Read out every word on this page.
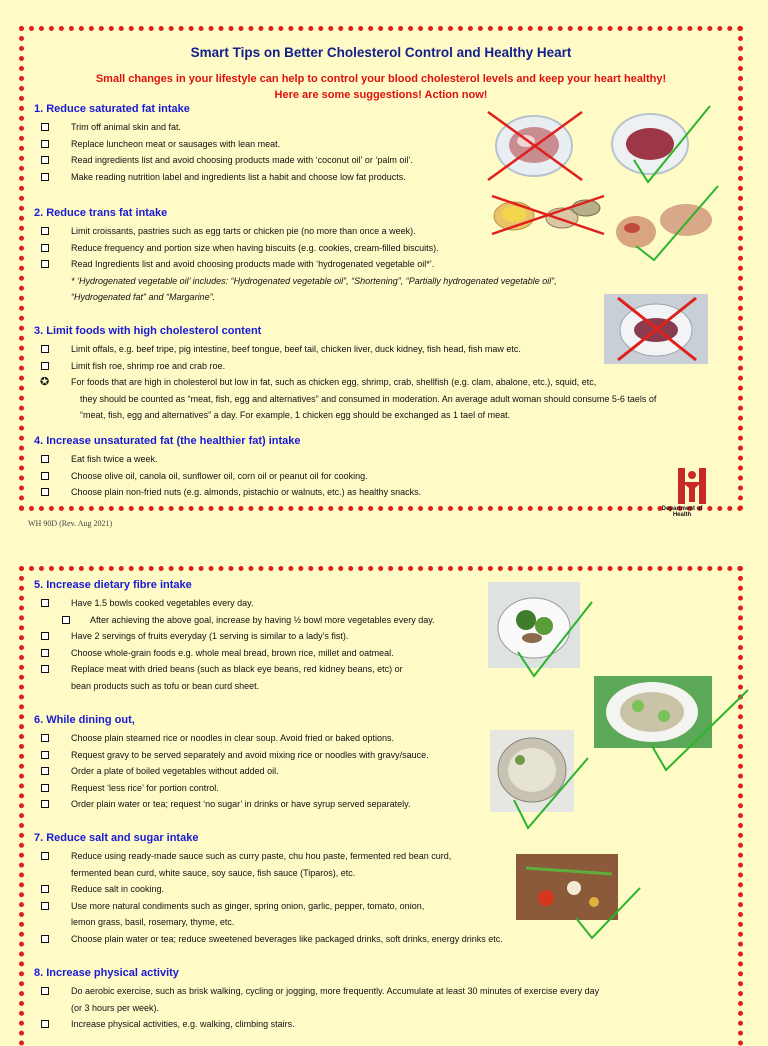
Smart Tips on Better Cholesterol Control and Healthy Heart
Small changes in your lifestyle can help to control your blood cholesterol levels and keep your heart healthy!
Here are some suggestions! Action now!
1. Reduce saturated fat intake
Trim off animal skin and fat.
Replace luncheon meat or sausages with lean meat.
Read ingredients list and avoid choosing products made with ‘coconut oil’ or ‘palm oil’.
Make reading nutrition label and ingredients list a habit and choose low fat products.
2. Reduce trans fat intake
Limit croissants, pastries such as egg tarts or chicken pie (no more than once a week).
Reduce frequency and portion size when having biscuits (e.g. cookies, cream-filled biscuits).
Read Ingredients list and avoid choosing products made with ‘hydrogenated vegetable oil*’.
* ‘Hydrogenated vegetable oil’ includes: “Hydrogenated vegetable oil”, “Shortening”, “Partially hydrogenated vegetable oil”,
“Hydrogenated fat” and “Margarine”.
3. Limit foods with high cholesterol content
Limit offals, e.g. beef tripe, pig intestine, beef tongue, beef tail, chicken liver, duck kidney, fish head, fish maw etc.
Limit fish roe, shrimp roe and crab roe.
✪ For foods that are high in cholesterol but low in fat, such as chicken egg, shrimp, crab, shellfish (e.g. clam, abalone, etc.), squid, etc,
they should be counted as “meat, fish, egg and alternatives” and consumed in moderation. An average adult woman should consume 5-6 taels of
“meat, fish, egg and alternatives” a day. For example, 1 chicken egg should be exchanged as 1 tael of meat.
4. Increase unsaturated fat (the healthier fat) intake
Eat fish twice a week.
Choose olive oil, canola oil, sunflower oil, corn oil or peanut oil for cooking.
Choose plain non-fried nuts (e.g. almonds, pistachio or walnuts, etc.) as healthy snacks.
Department of Health
WH 90D (Rev. Aug 2021)
5. Increase dietary fibre intake
Have 1.5 bowls cooked vegetables every day.
After achieving the above goal, increase by having ½ bowl more vegetables every day.
Have 2 servings of fruits everyday (1 serving is similar to a lady’s fist).
Choose whole-grain foods e.g. whole meal bread, brown rice, millet and oatmeal.
Replace meat with dried beans (such as black eye beans, red kidney beans, etc) or
bean products such as tofu or bean curd sheet.
6. While dining out,
Choose plain steamed rice or noodles in clear soup. Avoid fried or baked options.
Request gravy to be served separately and avoid mixing rice or noodles with gravy/sauce.
Order a plate of boiled vegetables without added oil.
Request ‘less rice’ for portion control.
Order plain water or tea; request ‘no sugar’ in drinks or have syrup served separately.
7. Reduce salt and sugar intake
Reduce using ready-made sauce such as curry paste, chu hou paste, fermented red bean curd,
fermented bean curd, white sauce, soy sauce, fish sauce (Tiparos), etc.
Reduce salt in cooking.
Use more natural condiments such as ginger, spring onion, garlic, pepper, tomato, onion,
lemon grass, basil, rosemary, thyme, etc.
Choose plain water or tea; reduce sweetened beverages like packaged drinks, soft drinks, energy drinks etc.
8. Increase physical activity
Do aerobic exercise, such as brisk walking, cycling or jogging, more frequently. Accumulate at least 30 minutes of exercise every day
(or 3 hours per week).
Increase physical activities, e.g. walking, climbing stairs.
